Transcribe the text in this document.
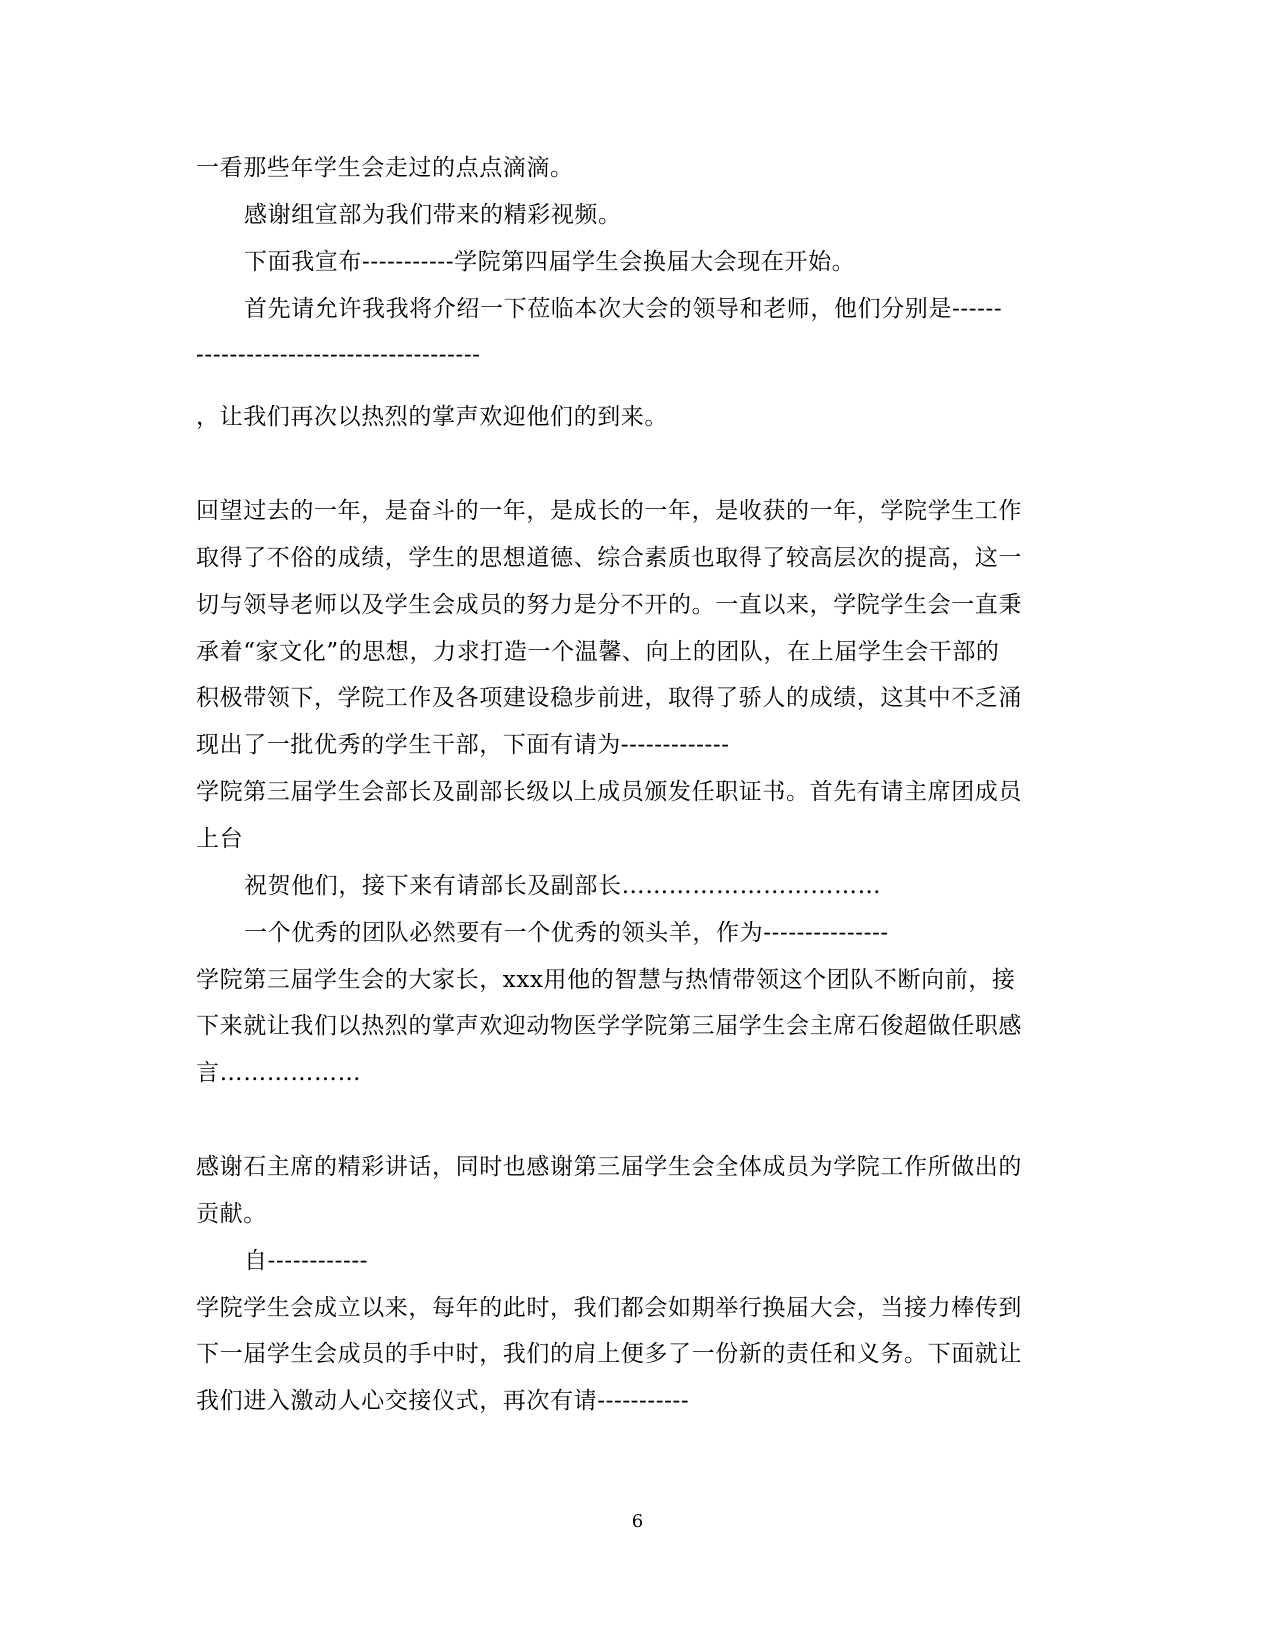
一看那些年学生会走过的点点滴滴。
感谢组宣部为我们带来的精彩视频。
下面我宣布-----------学院第四届学生会换届大会现在开始。
首先请允许我我将介绍一下莅临本次大会的领导和老师，他们分别是------
----------------------------------
，让我们再次以热烈的掌声欢迎他们的到来。
回望过去的一年，是奋斗的一年，是成长的一年，是收获的一年，学院学生工作
取得了不俗的成绩，学生的思想道德、综合素质也取得了较高层次的提高，这一
切与领导老师以及学生会成员的努力是分不开的。一直以来，学院学生会一直秉
承着“家文化”的思想，力求打造一个温馨、向上的团队，在上届学生会干部的
积极带领下，学院工作及各项建设稳步前进，取得了骄人的成绩，这其中不乏涌
现出了一批优秀的学生干部，下面有请为-------------
学院第三届学生会部长及副部长级以上成员颁发任职证书。首先有请主席团成员
上台
祝贺他们，接下来有请部长及副部长……………………………
一个优秀的团队必然要有一个优秀的领头羊，作为---------------
学院第三届学生会的大家长，xxx用他的智慧与热情带领这个团队不断向前，接
下来就让我们以热烈的掌声欢迎动物医学学院第三届学生会主席石俊超做任职感
言………………
感谢石主席的精彩讲话，同时也感谢第三届学生会全体成员为学院工作所做出的
贡献。
自------------
学院学生会成立以来，每年的此时，我们都会如期举行换届大会，当接力棒传到
下一届学生会成员的手中时，我们的肩上便多了一份新的责任和义务。下面就让
我们进入激动人心交接仪式，再次有请-----------
6
